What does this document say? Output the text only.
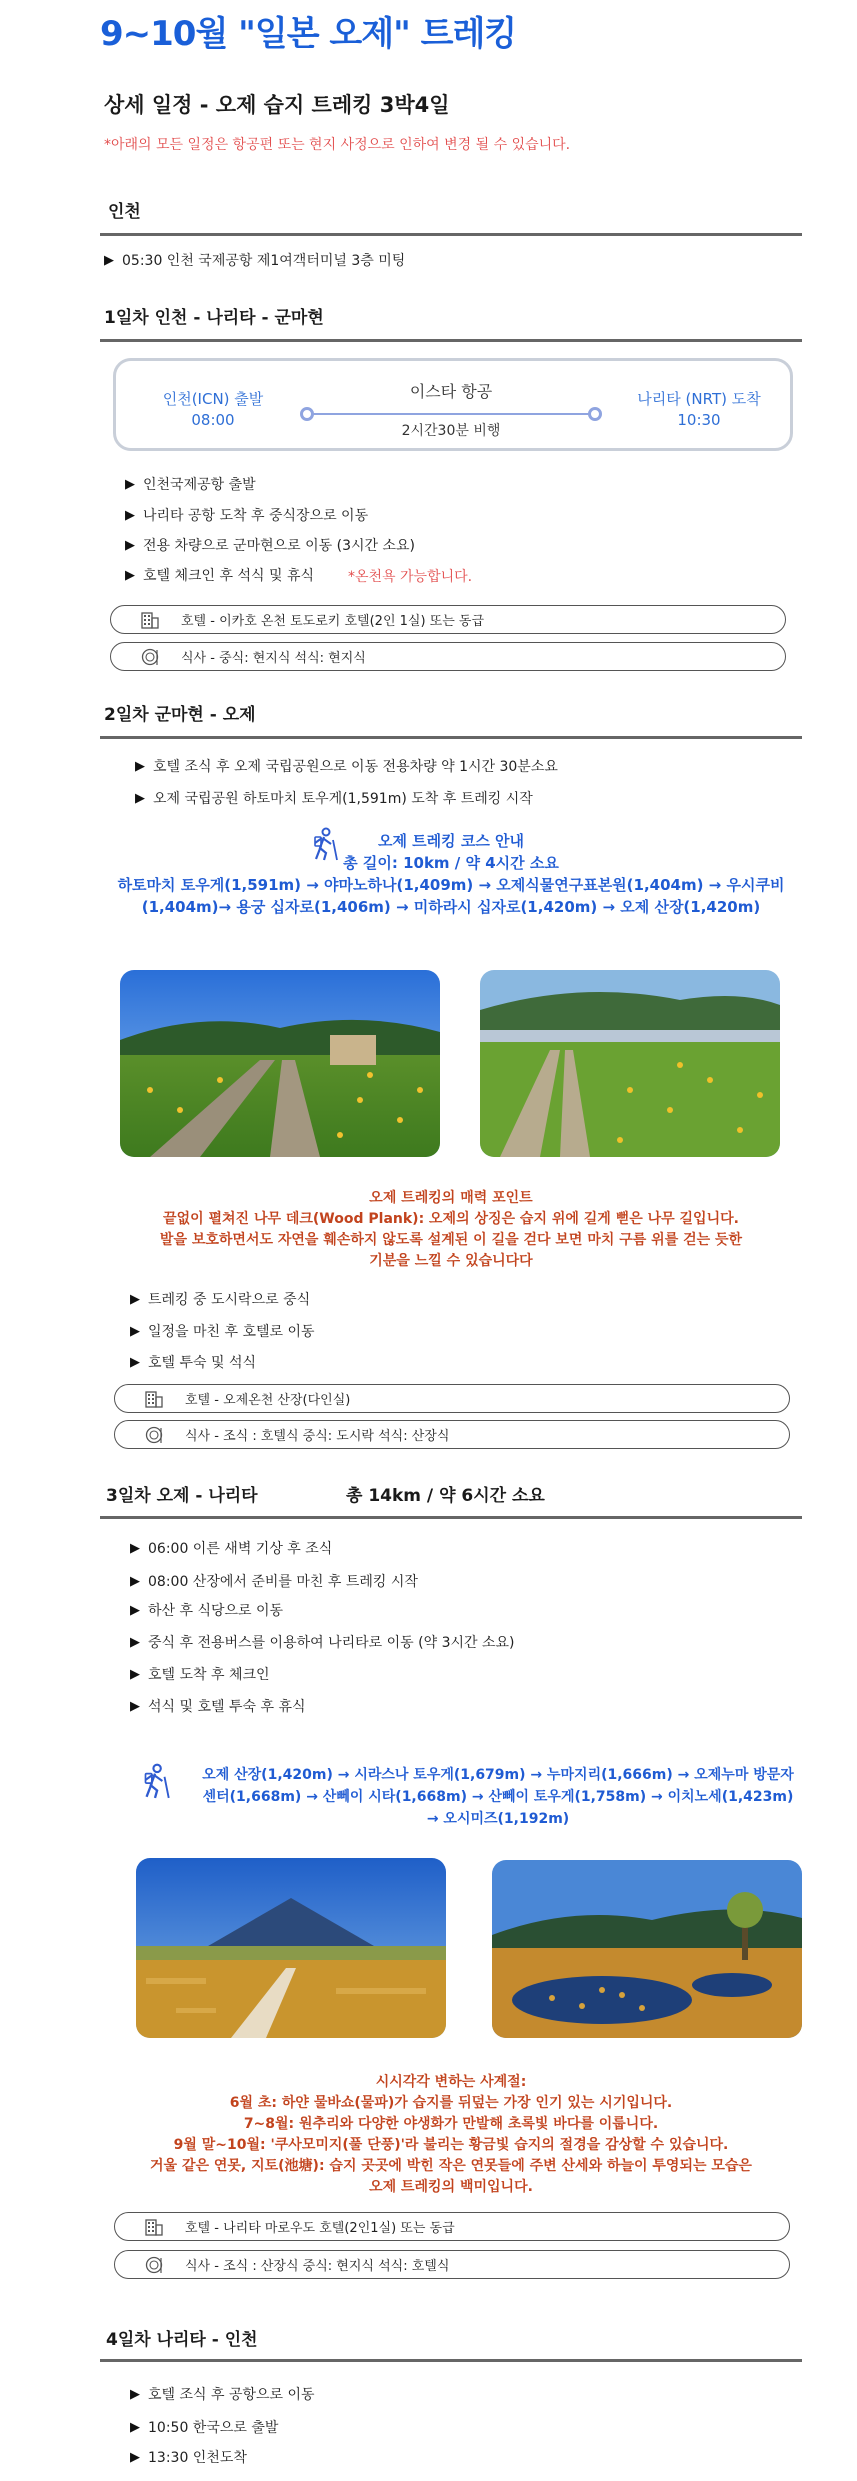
9~10월 "일본 오제" 트레킹
상세 일정 - 오제 습지 트레킹 3박4일
*아래의 모든 일정은 항공편 또는 현지 사정으로 인하여 변경 될 수 있습니다.
인천
▶ 05:30 인천 국제공항 제1여객터미널 3층 미팅
1일차 인천 - 나리타 - 군마현
인천(ICN) 출발
08:00
이스타 항공
2시간30분 비행
나리타 (NRT) 도착
10:30
▶ 인천국제공항 출발
▶ 나리타 공항 도착 후 중식장으로 이동
▶ 전용 차량으로 군마현으로 이동 (3시간 소요)
▶ 호텔 체크인 후 석식 및 휴식 *온천욕 가능합니다.
호텔 - 이카호 온천 토도로키 호텔(2인 1실) 또는 동급
식사 - 중식: 현지식 석식: 현지식
2일차 군마현 - 오제
▶ 호텔 조식 후 오제 국립공원으로 이동 전용차량 약 1시간 30분소요
▶ 오제 국립공원 하토마치 토우게(1,591m) 도착 후 트레킹 시작
오제 트레킹 코스 안내
총 길이: 10km / 약 4시간 소요
하토마치 토우게(1,591m) → 야마노하나(1,409m) → 오제식물연구표본원(1,404m) → 우시쿠비
(1,404m)→ 용궁 십자로(1,406m) → 미하라시 십자로(1,420m) → 오제 산장(1,420m)
오제 트레킹의 매력 포인트
끝없이 펼쳐진 나무 데크(Wood Plank): 오제의 상징은 습지 위에 길게 뻗은 나무 길입니다.
발을 보호하면서도 자연을 훼손하지 않도록 설계된 이 길을 걷다 보면 마치 구름 위를 걷는 듯한
기분을 느낄 수 있습니다다
▶ 트레킹 중 도시락으로 중식
▶ 일정을 마친 후 호텔로 이동
▶ 호텔 투숙 및 석식
호텔 - 오제온천 산장(다인실)
식사 - 조식 : 호텔식 중식: 도시락 석식: 산장식
3일차 오제 - 나리타	총 14km / 약 6시간 소요
▶ 06:00 이른 새벽 기상 후 조식
▶ 08:00 산장에서 준비를 마친 후 트레킹 시작
▶ 하산 후 식당으로 이동
▶ 중식 후 전용버스를 이용하여 나리타로 이동 (약 3시간 소요)
▶ 호텔 도착 후 체크인
▶ 석식 및 호텔 투숙 후 휴식
오제 산장(1,420m) → 시라스나 토우게(1,679m) → 누마지리(1,666m) → 오제누마 방문자
센터(1,668m) → 산뻬이 시타(1,668m) → 산뻬이 토우게(1,758m) → 이치노세(1,423m)
→ 오시미즈(1,192m)
시시각각 변하는 사계절:
6월 초: 하얀 물바쇼(물파)가 습지를 뒤덮는 가장 인기 있는 시기입니다.
7~8월: 원추리와 다양한 야생화가 만발해 초록빛 바다를 이룹니다.
9월 말~10월: '쿠사모미지(풀 단풍)'라 불리는 황금빛 습지의 절경을 감상할 수 있습니다.
거울 같은 연못, 지토(池塘): 습지 곳곳에 박힌 작은 연못들에 주변 산세와 하늘이 투영되는 모습은
오제 트레킹의 백미입니다.
호텔 - 나리타 마로우도 호텔(2인1실) 또는 동급
식사 - 조식 : 산장식 중식: 현지식 석식: 호텔식
4일차 나리타 - 인천
▶ 호텔 조식 후 공항으로 이동
▶ 10:50 한국으로 출발
▶ 13:30 인천도착
